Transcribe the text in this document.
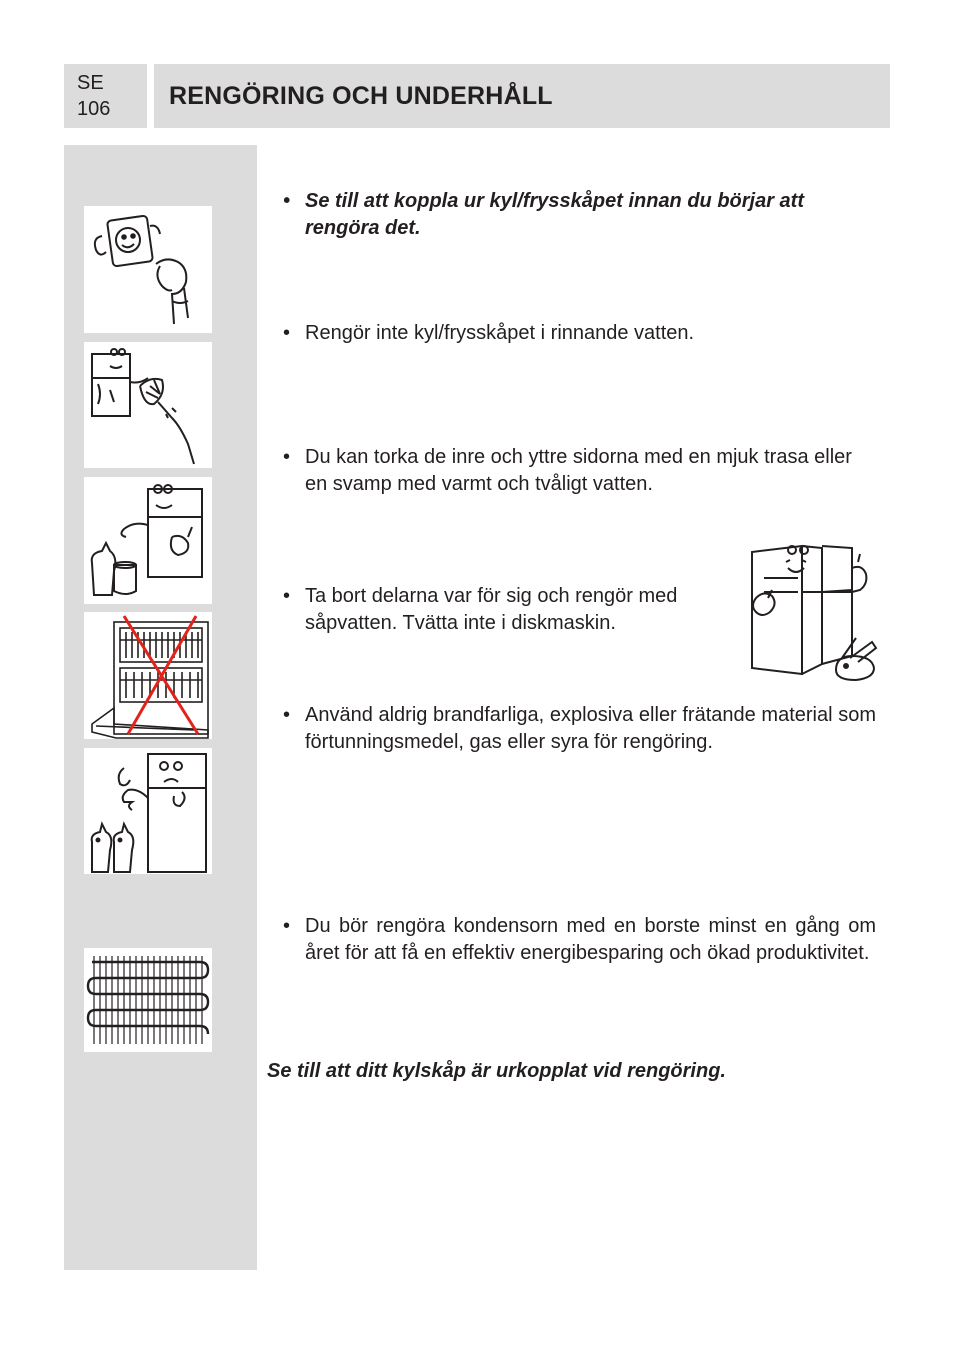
SE
106	RENGÖRING OCH UNDERHÅLL
• Se till att koppla ur kyl/frysskåpet innan du börjar att rengöra det.
• Rengör inte kyl/frysskåpet i rinnande vatten.
• Du kan torka de inre och yttre sidorna med en mjuk trasa eller en svamp med varmt och tvåligt vatten.
• Ta bort delarna var för sig och rengör med såpvatten. Tvätta inte i diskmaskin.
• Använd aldrig brandfarliga, explosiva eller frätande material som förtunningsmedel, gas eller syra för rengöring.
• Du bör rengöra kondensorn med en borste minst en gång om året för att få en effektiv energibesparing och ökad produktivitet.
Se till att ditt kylskåp är urkopplat vid rengöring.
